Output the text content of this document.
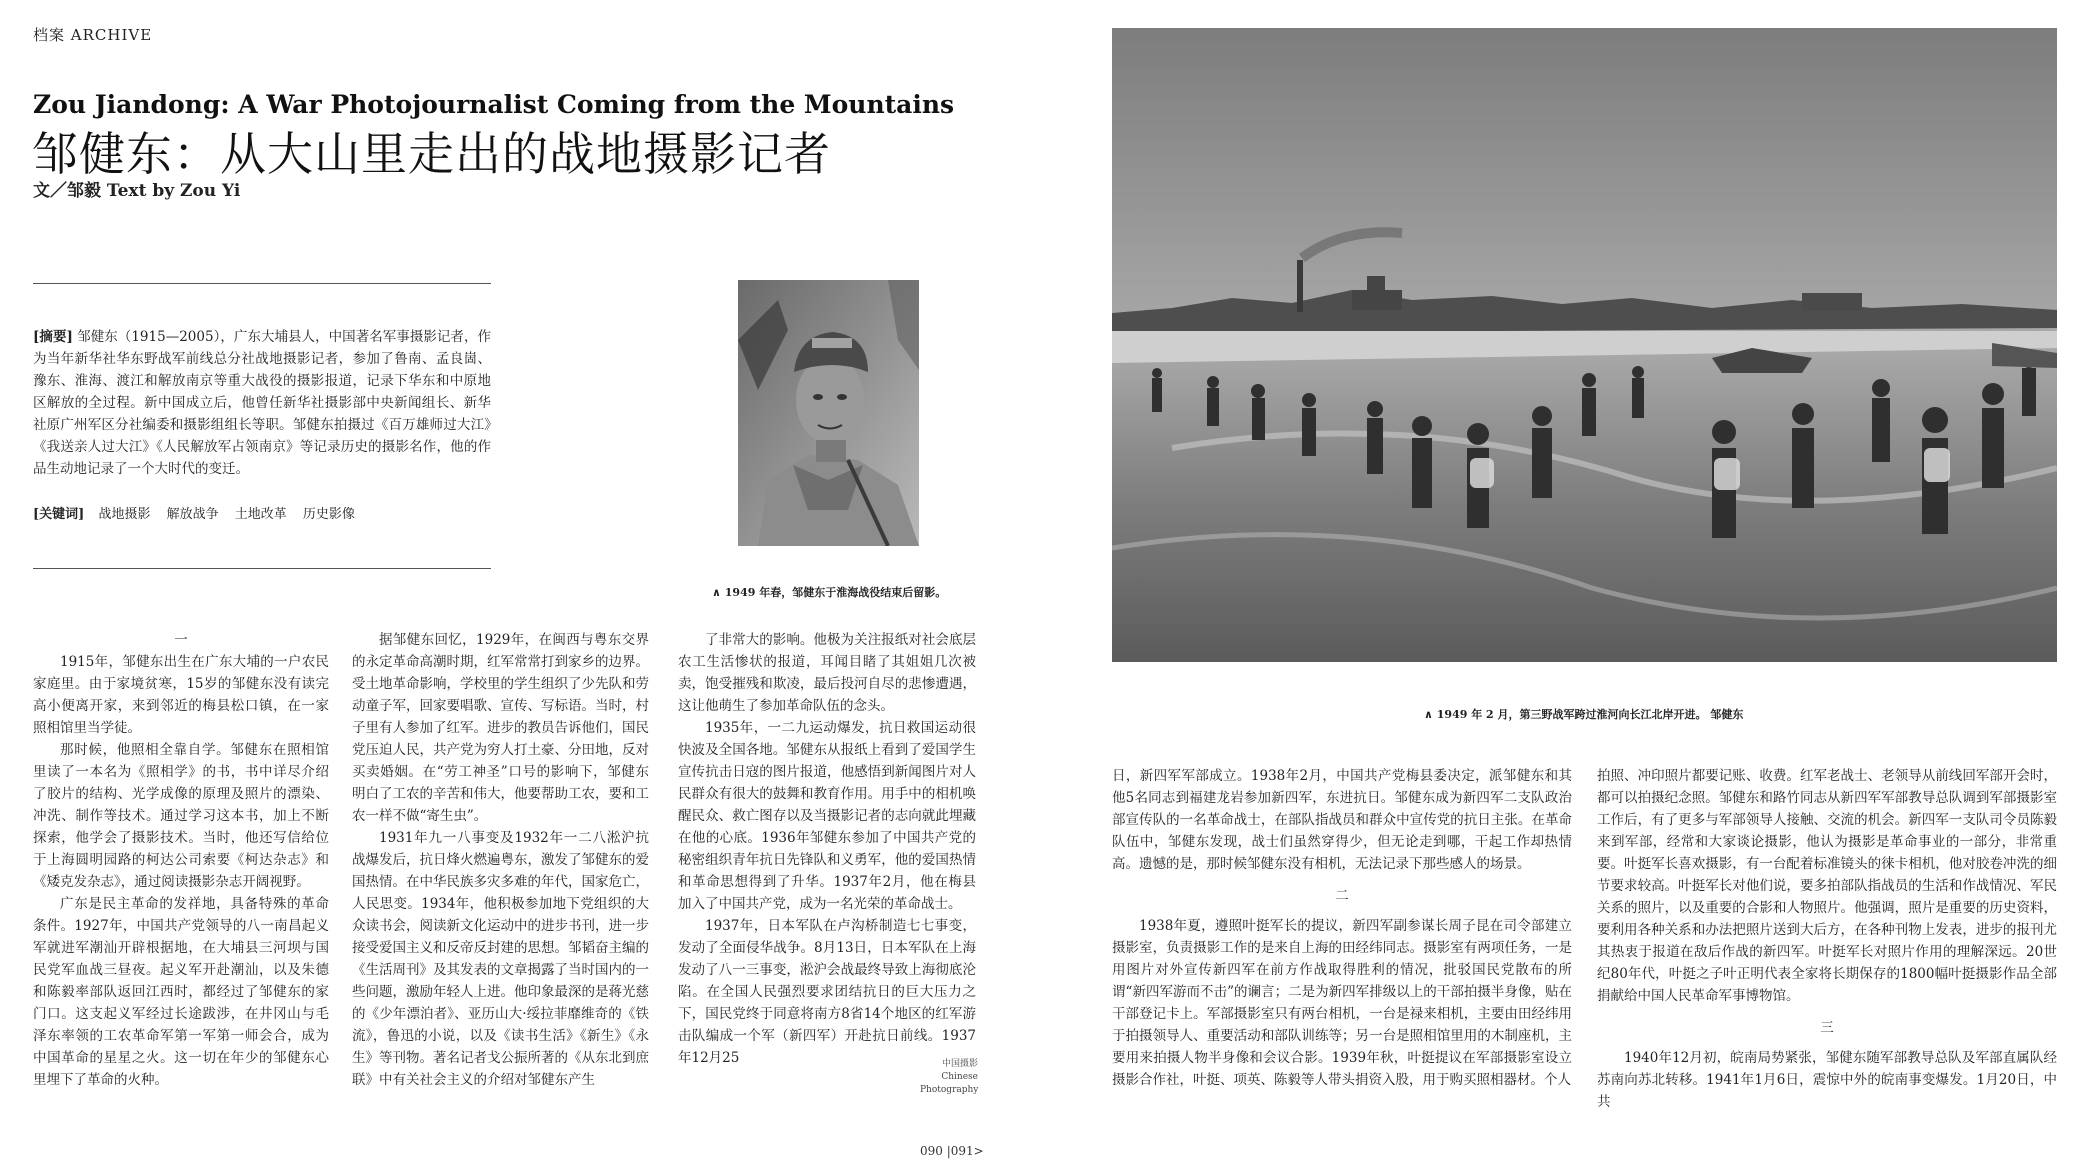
档案 ARCHIVE
Zou Jiandong: A War Photojournalist Coming from the Mountains
邹健东：从大山里走出的战地摄影记者
文／邹毅 Text by Zou Yi
[摘要] 邹健东（1915—2005），广东大埔县人，中国著名军事摄影记者，作为当年新华社华东野战军前线总分社战地摄影记者，参加了鲁南、孟良崮、豫东、淮海、渡江和解放南京等重大战役的摄影报道，记录下华东和中原地区解放的全过程。新中国成立后，他曾任新华社摄影部中央新闻组长、新华社原广州军区分社编委和摄影组组长等职。邹健东拍摄过《百万雄师过大江》《我送亲人过大江》《人民解放军占领南京》等记录历史的摄影名作，他的作品生动地记录了一个大时代的变迁。
[关键词] 战地摄影 解放战争 土地改革 历史影像
∧ 1949 年春，邹健东于淮海战役结束后留影。
∧ 1949 年 2 月，第三野战军跨过淮河向长江北岸开进。 邹健东

一

1915年，邹健东出生在广东大埔的一户农民家庭里。由于家境贫寒，15岁的邹健东没有读完高小便离开家，来到邻近的梅县松口镇，在一家照相馆里当学徒。

那时候，他照相全靠自学。邹健东在照相馆里读了一本名为《照相学》的书，书中详尽介绍了胶片的结构、光学成像的原理及照片的漂染、冲洗、制作等技术。通过学习这本书，加上不断探索，他学会了摄影技术。当时，他还写信给位于上海圆明园路的柯达公司索要《柯达杂志》和《矮克发杂志》，通过阅读摄影杂志开阔视野。

广东是民主革命的发祥地，具备特殊的革命条件。1927年，中国共产党领导的八一南昌起义军就进军潮汕开辟根据地，在大埔县三河坝与国民党军血战三昼夜。起义军开赴潮汕，以及朱德和陈毅率部队返回江西时，都经过了邹健东的家门口。这支起义军经过长途跋涉，在井冈山与毛泽东率领的工农革命军第一军第一师会合，成为中国革命的星星之火。这一切在年少的邹健东心里埋下了革命的火种。

据邹健东回忆，1929年，在闽西与粤东交界的永定革命高潮时期，红军常常打到家乡的边界。受土地革命影响，学校里的学生组织了少先队和劳动童子军，回家要唱歌、宣传、写标语。当时，村子里有人参加了红军。进步的教员告诉他们，国民党压迫人民，共产党为穷人打土豪、分田地，反对买卖婚姻。在“劳工神圣”口号的影响下，邹健东明白了工农的辛苦和伟大，他要帮助工农，要和工农一样不做“寄生虫”。

1931年九一八事变及1932年一二八淞沪抗战爆发后，抗日烽火燃遍粤东，激发了邹健东的爱国热情。在中华民族多灾多难的年代，国家危亡，人民思变。1934年，他积极参加地下党组织的大众读书会，阅读新文化运动中的进步书刊，进一步接受爱国主义和反帝反封建的思想。邹韬奋主编的《生活周刊》及其发表的文章揭露了当时国内的一些问题，激励年轻人上进。他印象最深的是蒋光慈的《少年漂泊者》、亚历山大·绥拉菲靡维奇的《铁流》，鲁迅的小说，以及《读书生活》《新生》《永生》等刊物。著名记者戈公振所著的《从东北到庶联》中有关社会主义的介绍对邹健东产生

了非常大的影响。他极为关注报纸对社会底层农工生活惨状的报道，耳闻目睹了其姐姐几次被卖，饱受摧残和欺凌，最后投河自尽的悲惨遭遇，这让他萌生了参加革命队伍的念头。

1935年，一二九运动爆发，抗日救国运动很快波及全国各地。邹健东从报纸上看到了爱国学生宣传抗击日寇的图片报道，他感悟到新闻图片对人民群众有很大的鼓舞和教育作用。用手中的相机唤醒民众、救亡图存以及当摄影记者的志向就此埋藏在他的心底。1936年邹健东参加了中国共产党的秘密组织青年抗日先锋队和义勇军，他的爱国热情和革命思想得到了升华。1937年2月，他在梅县加入了中国共产党，成为一名光荣的革命战士。

1937年，日本军队在卢沟桥制造七七事变，发动了全面侵华战争。8月13日，日本军队在上海发动了八一三事变，淞沪会战最终导致上海彻底沦陷。在全国人民强烈要求团结抗日的巨大压力之下，国民党终于同意将南方8省14个地区的红军游击队编成一个军（新四军）开赴抗日前线。1937年12月25	中国摄影
Chinese
Photography

日，新四军军部成立。1938年2月，中国共产党梅县委决定，派邹健东和其他5名同志到福建龙岩参加新四军，东进抗日。邹健东成为新四军二支队政治部宣传队的一名革命战士，在部队指战员和群众中宣传党的抗日主张。在革命队伍中，邹健东发现，战士们虽然穿得少，但无论走到哪，干起工作却热情高。遗憾的是，那时候邹健东没有相机，无法记录下那些感人的场景。

二

1938年夏，遵照叶挺军长的提议，新四军副参谋长周子昆在司令部建立摄影室，负责摄影工作的是来自上海的田经纬同志。摄影室有两项任务，一是用图片对外宣传新四军在前方作战取得胜利的情况，批驳国民党散布的所谓“新四军游而不击”的谰言；二是为新四军排级以上的干部拍摄半身像，贴在干部登记卡上。军部摄影室只有两台相机，一台是禄来相机，主要由田经纬用于拍摄领导人、重要活动和部队训练等；另一台是照相馆里用的木制座机，主要用来拍摄人物半身像和会议合影。1939年秋，叶挺提议在军部摄影室设立摄影合作社，叶挺、项英、陈毅等人带头捐资入股，用于购买照相器材。个人

拍照、冲印照片都要记账、收费。红军老战士、老领导从前线回军部开会时，都可以拍摄纪念照。邹健东和路竹同志从新四军军部教导总队调到军部摄影室工作后，有了更多与军部领导人接触、交流的机会。新四军一支队司令员陈毅来到军部，经常和大家谈论摄影，他认为摄影是革命事业的一部分，非常重要。叶挺军长喜欢摄影，有一台配着标准镜头的徕卡相机，他对胶卷冲洗的细节要求较高。叶挺军长对他们说，要多拍部队指战员的生活和作战情况、军民关系的照片，以及重要的合影和人物照片。他强调，照片是重要的历史资料，要利用各种关系和办法把照片送到大后方，在各种刊物上发表，进步的报刊尤其热衷于报道在敌后作战的新四军。叶挺军长对照片作用的理解深远。20世纪80年代，叶挺之子叶正明代表全家将长期保存的1800幅叶挺摄影作品全部捐献给中国人民革命军事博物馆。

三

1940年12月初，皖南局势紧张，邹健东随军部教导总队及军部直属队经苏南向苏北转移。1941年1月6日，震惊中外的皖南事变爆发。1月20日，中共

090 |091>
